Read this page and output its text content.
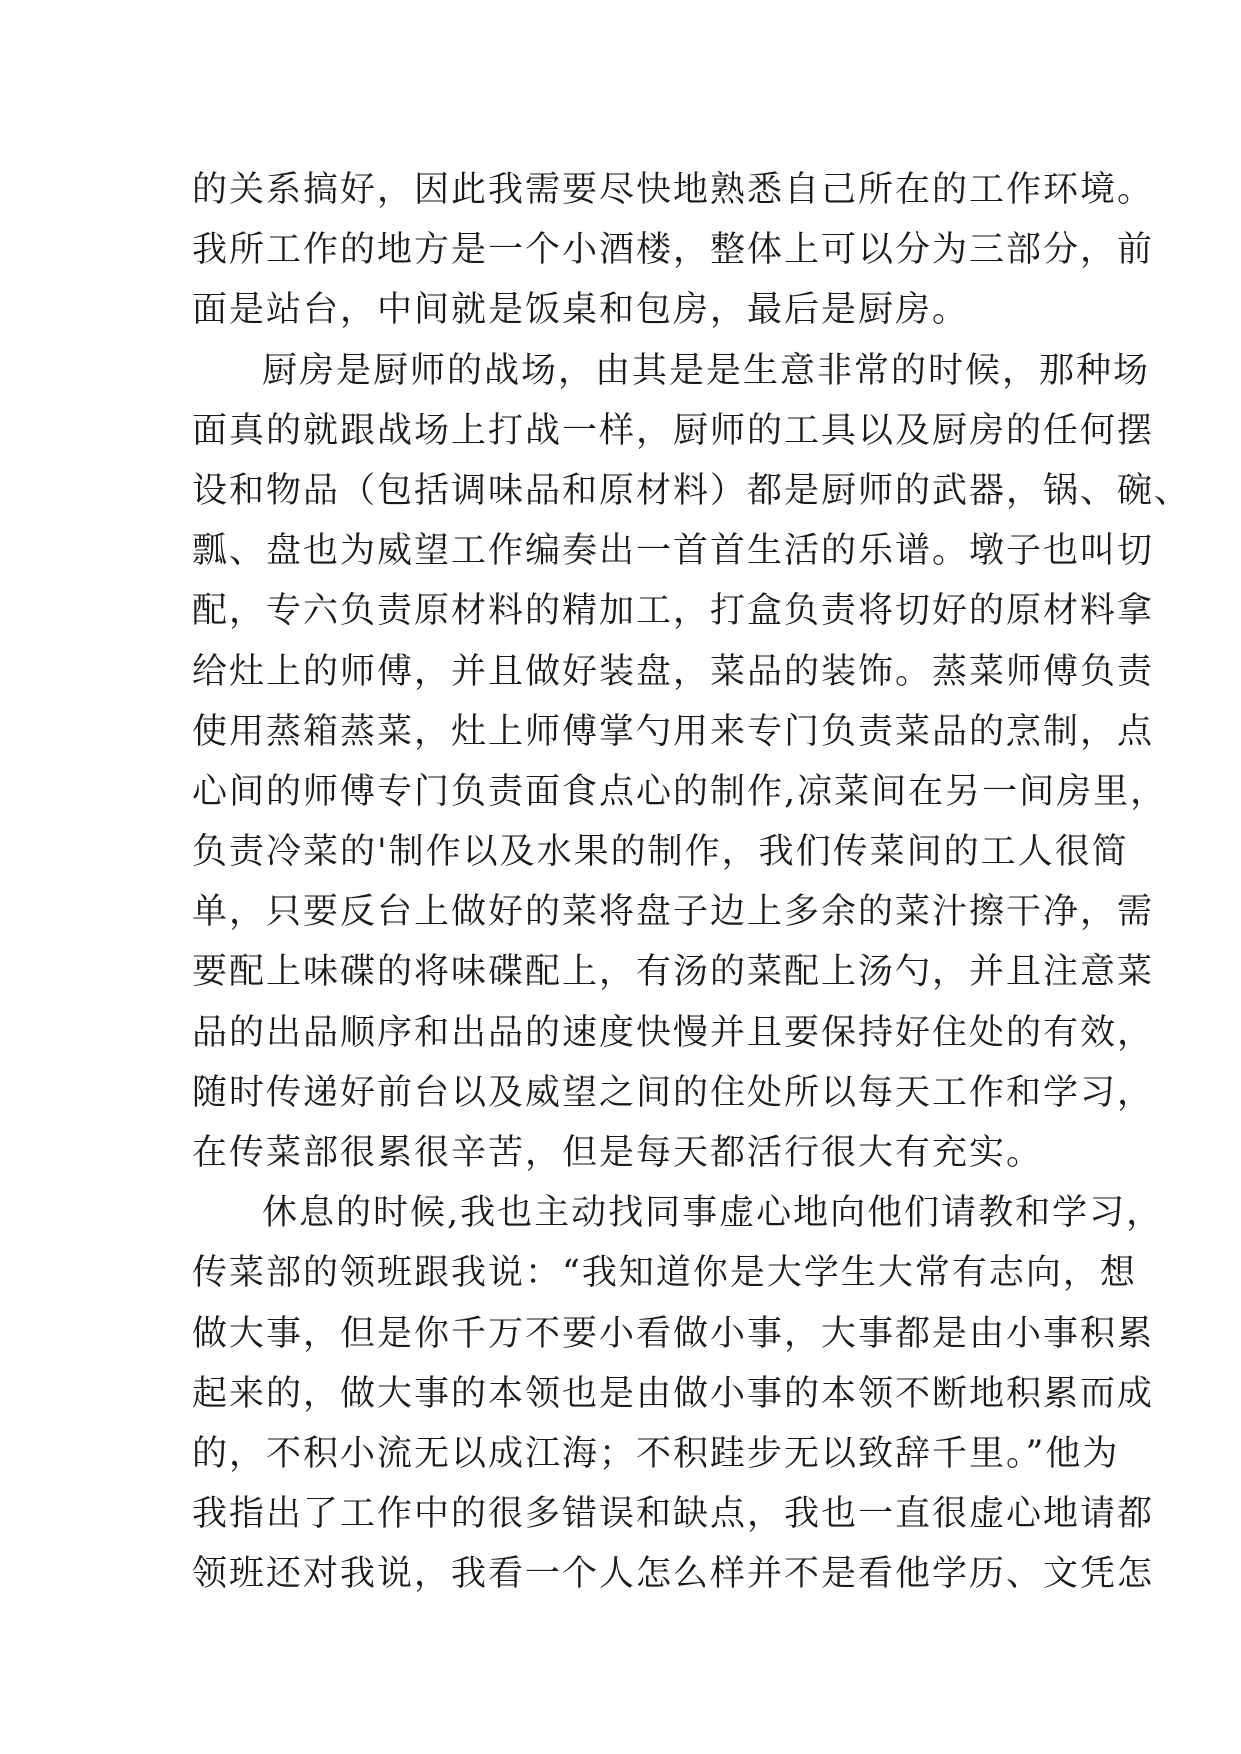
的关系搞好，因此我需要尽快地熟悉自己所在的工作环境。
我所工作的地方是一个小酒楼，整体上可以分为三部分，前
面是站台，中间就是饭桌和包房，最后是厨房。
厨房是厨师的战场，由其是是生意非常的时候，那种场
面真的就跟战场上打战一样，厨师的工具以及厨房的任何摆
设和物品（包括调味品和原材料）都是厨师的武器，锅、碗、
瓢、盘也为威望工作编奏出一首首生活的乐谱。墩子也叫切
配，专六负责原材料的精加工，打盒负责将切好的原材料拿
给灶上的师傅，并且做好装盘，菜品的装饰。蒸菜师傅负责
使用蒸箱蒸菜，灶上师傅掌勺用来专门负责菜品的烹制，点
心间的师傅专门负责面食点心的制作,凉菜间在另一间房里，
负责冷菜的'制作以及水果的制作，我们传菜间的工人很简
单，只要反台上做好的菜将盘子边上多余的菜汁擦干净，需
要配上味碟的将味碟配上，有汤的菜配上汤勺，并且注意菜
品的出品顺序和出品的速度快慢并且要保持好住处的有效，
随时传递好前台以及威望之间的住处所以每天工作和学习，
在传菜部很累很辛苦，但是每天都活行很大有充实。
休息的时候,我也主动找同事虚心地向他们请教和学习，
传菜部的领班跟我说：“我知道你是大学生大常有志向，想
做大事，但是你千万不要小看做小事，大事都是由小事积累
起来的，做大事的本领也是由做小事的本领不断地积累而成
的，不积小流无以成江海；不积跬步无以致辞千里。”他为
我指出了工作中的很多错误和缺点，我也一直很虚心地请都
领班还对我说，我看一个人怎么样并不是看他学历、文凭怎
